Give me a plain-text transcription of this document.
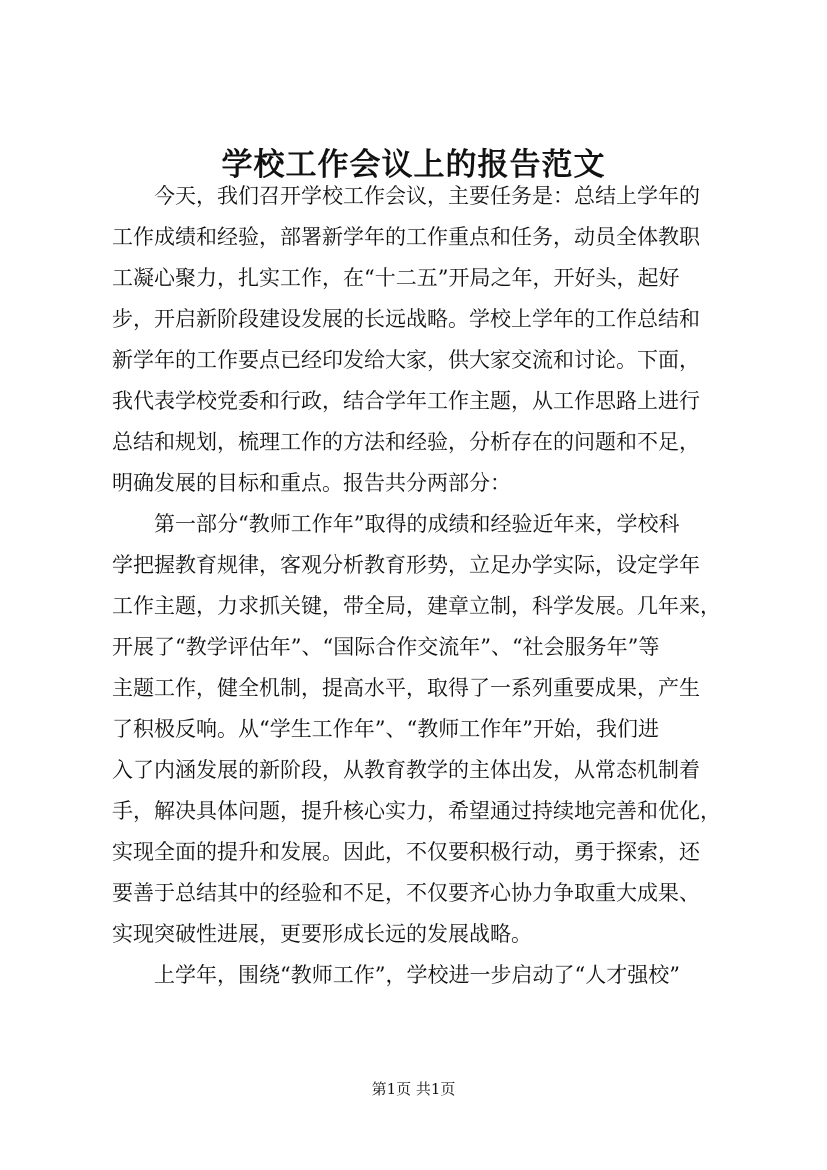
学校工作会议上的报告范文

今天，我们召开学校工作会议，主要任务是：总结上学年的
工作成绩和经验，部署新学年的工作重点和任务，动员全体教职
工凝心聚力，扎实工作，在“十二五”开局之年，开好头，起好
步，开启新阶段建设发展的长远战略。学校上学年的工作总结和
新学年的工作要点已经印发给大家，供大家交流和讨论。下面，
我代表学校党委和行政，结合学年工作主题，从工作思路上进行
总结和规划，梳理工作的方法和经验，分析存在的问题和不足，
明确发展的目标和重点。报告共分两部分：

第一部分“教师工作年”取得的成绩和经验近年来，学校科
学把握教育规律，客观分析教育形势，立足办学实际，设定学年
工作主题，力求抓关键，带全局，建章立制，科学发展。几年来，
开展了“教学评估年”、“国际合作交流年”、“社会服务年”等
主题工作，健全机制，提高水平，取得了一系列重要成果，产生
了积极反响。从“学生工作年”、“教师工作年”开始，我们进
入了内涵发展的新阶段，从教育教学的主体出发，从常态机制着
手，解决具体问题，提升核心实力，希望通过持续地完善和优化，
实现全面的提升和发展。因此，不仅要积极行动，勇于探索，还
要善于总结其中的经验和不足，不仅要齐心协力争取重大成果、
实现突破性进展，更要形成长远的发展战略。

上学年，围绕“教师工作”，学校进一步启动了“人才强校”

第1页 共1页
